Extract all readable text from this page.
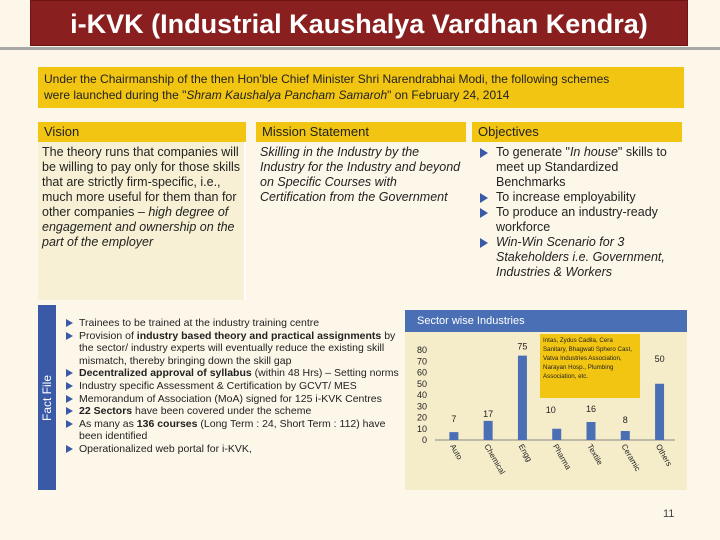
i-KVK (Industrial Kaushalya Vardhan Kendra)
Under the Chairmanship of the then Hon'ble Chief Minister Shri Narendrabhai Modi, the following schemes
were launched during the "Shram Kaushalya Pancham Samaroh" on February 24, 2014
Vision	Mission Statement	Objectives
The theory runs that companies will be willing to pay only for those skills that are strictly firm-specific, i.e., much more useful for them than for other companies – high degree of engagement and ownership on the part of the employer
Skilling in the Industry by the Industry for the Industry and beyond on Specific Courses with Certification from the Government
To generate "In house" skills to meet up Standardized Benchmarks
To increase employability
To produce an industry-ready workforce
Win-Win Scenario for 3 Stakeholders i.e. Government, Industries & Workers
Fact File
Trainees to be trained at the industry training centre
Provision of industry based theory and practical assignments by the sector/ industry experts will eventually reduce the existing skill mismatch, thereby bringing down the skill gap
Decentralized approval of syllabus (within 48 Hrs) – Setting norms
Industry specific Assessment & Certification by GCVT/ MES
Memorandum of Association (MoA) signed for 125 i-KVK Centres
22 Sectors have been covered under the scheme
As many as 136 courses (Long Term : 24, Short Term : 112) have been identified
Operationalized web portal for i-KVK,
Sector wise Industries
0
10
20
30
40
50
60
70
80
7
Auto
17
Chemical
75
Engg
10
Pharma
16
Textile
8
Ceramic
50
Others
Intas, Zydus Cadila, Cera Sanitary, Bhagwati Sphero Cast, Vatva Industries Association, Narayan Hosp., Plumbing Association, etc.
11
